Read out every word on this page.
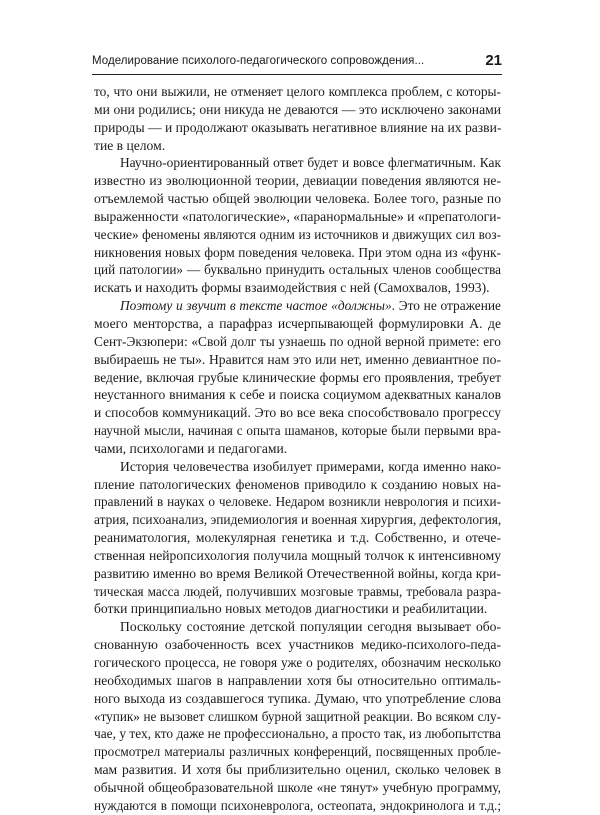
Моделирование психолого-педагогического сопровождения...	21
то, что они выжили, не отменяет целого комплекса проблем, с которы-
ми они родились; они никуда не деваются — это исключено законами
природы — и продолжают оказывать негативное влияние на их разви-
тие в целом.
Научно-ориентированный ответ будет и вовсе флегматичным. Как
известно из эволюционной теории, девиации поведения являются не-
отъемлемой частью общей эволюции человека. Более того, разные по
выраженности «патологические», «паранормальные» и «препатологи-
ческие» феномены являются одним из источников и движущих сил воз-
никновения новых форм поведения человека. При этом одна из «функ-
ций патологии» — буквально принудить остальных членов сообщества
искать и находить формы взаимодействия с ней (Самохвалов, 1993).
Поэтому и звучит в тексте частое «должны». Это не отражение
моего менторства, а парафраз исчерпывающей формулировки А. де
Сент-Экзюпери: «Свой долг ты узнаешь по одной верной примете: его
выбираешь не ты». Нравится нам это или нет, именно девиантное по-
ведение, включая грубые клинические формы его проявления, требует
неустанного внимания к себе и поиска социумом адекватных каналов
и способов коммуникаций. Это во все века способствовало прогрессу
научной мысли, начиная с опыта шаманов, которые были первыми вра-
чами, психологами и педагогами.
История человечества изобилует примерами, когда именно нако-
пление патологических феноменов приводило к созданию новых на-
правлений в науках о человеке. Недаром возникли неврология и психи-
атрия, психоанализ, эпидемиология и военная хирургия, дефектология,
реаниматология, молекулярная генетика и т.д. Собственно, и отече-
ственная нейропсихология получила мощный толчок к интенсивному
развитию именно во время Великой Отечественной войны, когда кри-
тическая масса людей, получивших мозговые травмы, требовала разра-
ботки принципиально новых методов диагностики и реабилитации.
Поскольку состояние детской популяции сегодня вызывает обо-
снованную озабоченность всех участников медико-психолого-педа-
гогического процесса, не говоря уже о родителях, обозначим несколько
необходимых шагов в направлении хотя бы относительно оптималь-
ного выхода из создавшегося тупика. Думаю, что употребление слова
«тупик» не вызовет слишком бурной защитной реакции. Во всяком слу-
чае, у тех, кто даже не профессионально, а просто так, из любопытства
просмотрел материалы различных конференций, посвященных пробле-
мам развития. И хотя бы приблизительно оценил, сколько человек в
обычной общеобразовательной школе «не тянут» учебную программу,
нуждаются в помощи психоневролога, остеопата, эндокринолога и т.д.;
